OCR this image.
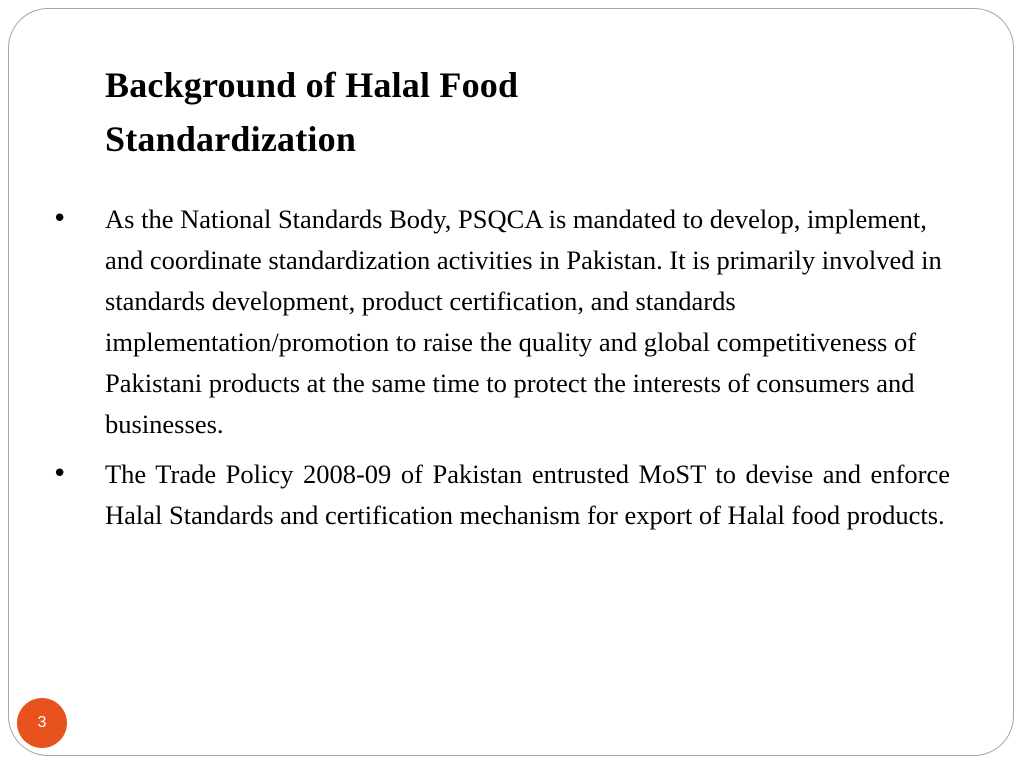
Background of Halal Food Standardization
• As the National Standards Body, PSQCA is mandated to develop, implement, and coordinate standardization activities in Pakistan. It is primarily involved in standards development, product certification, and standards implementation/promotion to raise the quality and global competitiveness of Pakistani products at the same time to protect the interests of consumers and businesses.
• The Trade Policy 2008-09 of Pakistan entrusted MoST to devise and enforce Halal Standards and certification mechanism for export of Halal food products.
3
